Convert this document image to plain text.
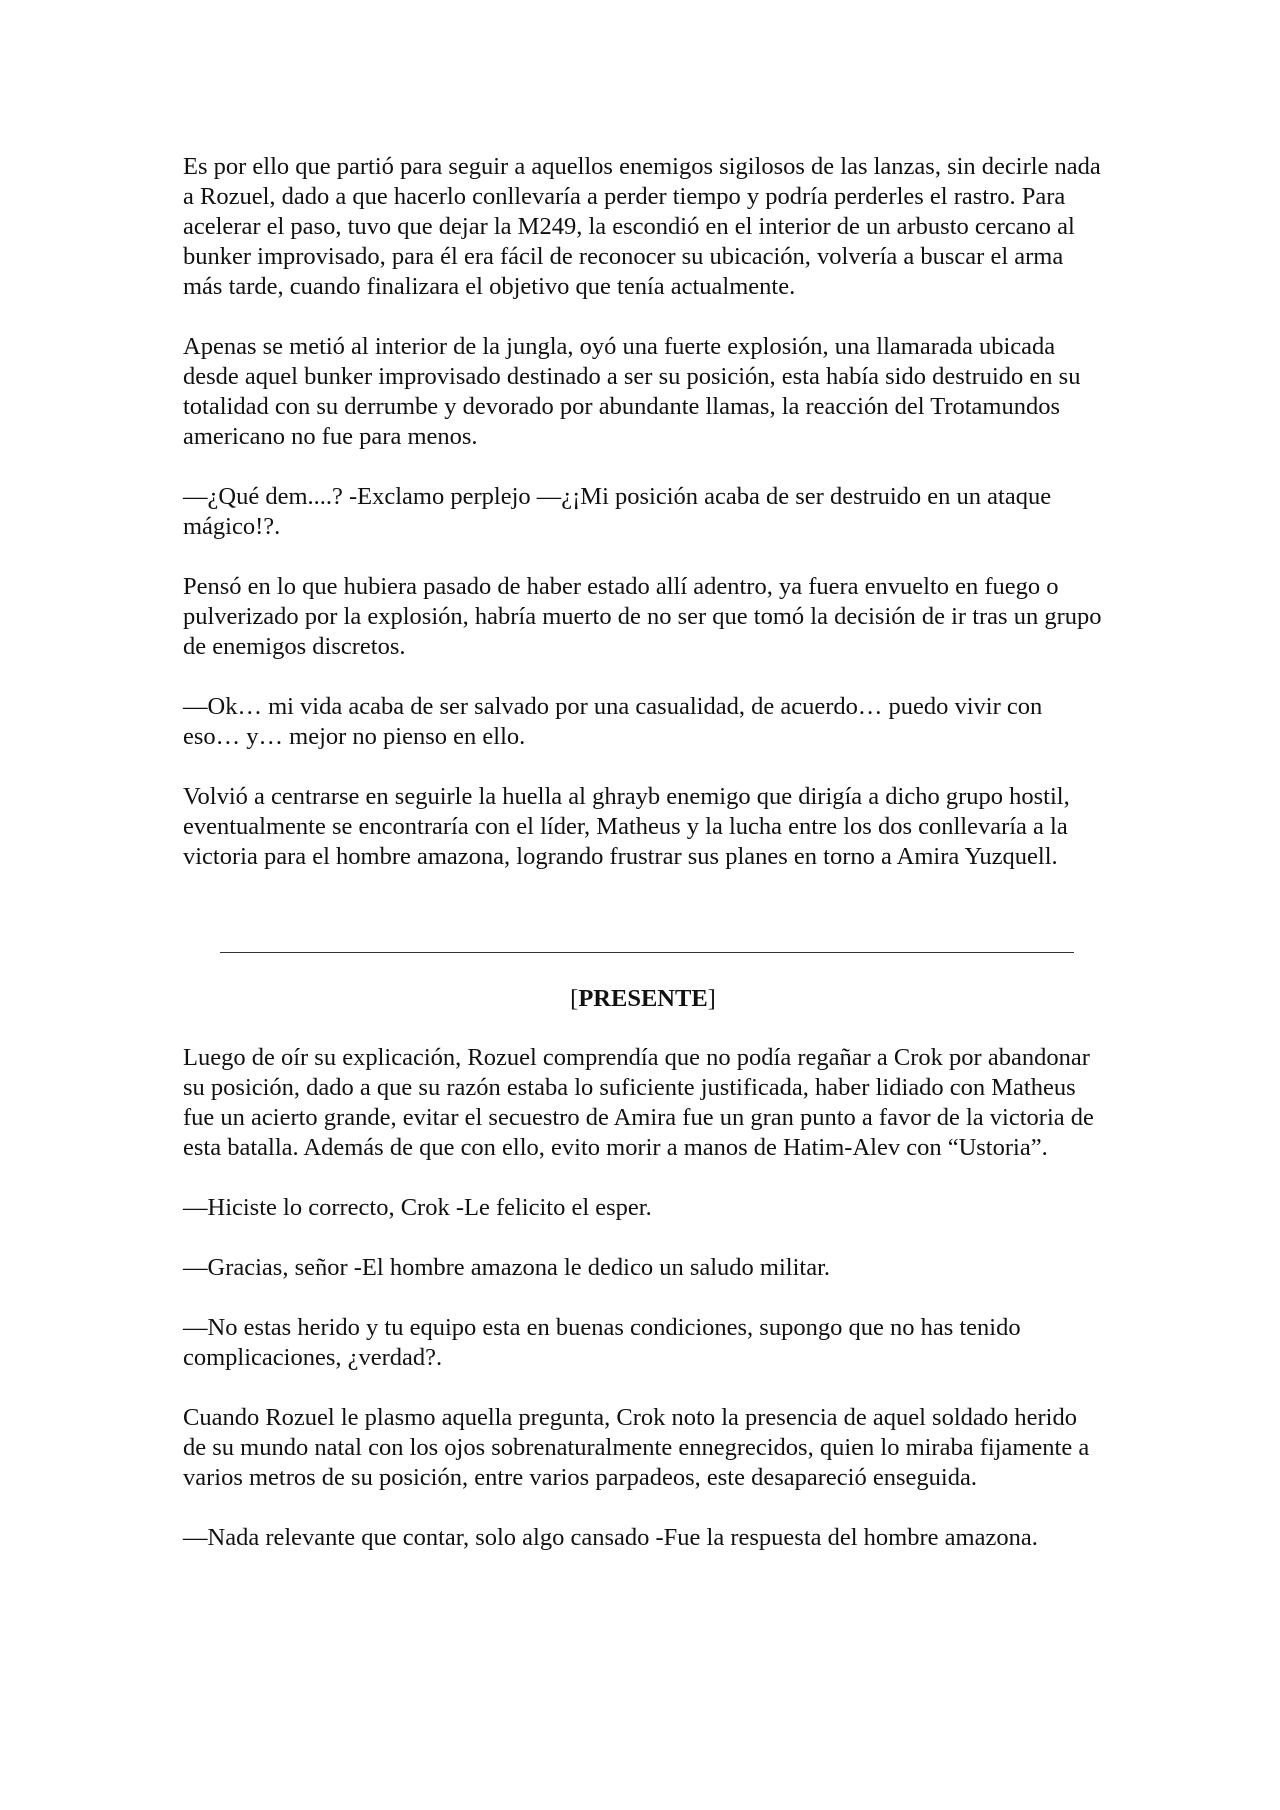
Es por ello que partió para seguir a aquellos enemigos sigilosos de las lanzas, sin decirle nada a Rozuel, dado a que hacerlo conllevaría a perder tiempo y podría perderles el rastro. Para acelerar el paso, tuvo que dejar la M249, la escondió en el interior de un arbusto cercano al bunker improvisado, para él era fácil de reconocer su ubicación, volvería a buscar el arma más tarde, cuando finalizara el objetivo que tenía actualmente.

Apenas se metió al interior de la jungla, oyó una fuerte explosión, una llamarada ubicada desde aquel bunker improvisado destinado a ser su posición, esta había sido destruido en su totalidad con su derrumbe y devorado por abundante llamas, la reacción del Trotamundos americano no fue para menos.

—¿Qué dem....? -Exclamo perplejo —¿¡Mi posición acaba de ser destruido en un ataque mágico!?.

Pensó en lo que hubiera pasado de haber estado allí adentro, ya fuera envuelto en fuego o pulverizado por la explosión, habría muerto de no ser que tomó la decisión de ir tras un grupo de enemigos discretos.

—Ok… mi vida acaba de ser salvado por una casualidad, de acuerdo… puedo vivir con eso… y… mejor no pienso en ello.

Volvió a centrarse en seguirle la huella al ghrayb enemigo que dirigía a dicho grupo hostil, eventualmente se encontraría con el líder, Matheus y la lucha entre los dos conllevaría a la victoria para el hombre amazona, logrando frustrar sus planes en torno a Amira Yuzquell.

[PRESENTE]

Luego de oír su explicación, Rozuel comprendía que no podía regañar a Crok por abandonar su posición, dado a que su razón estaba lo suficiente justificada, haber lidiado con Matheus fue un acierto grande, evitar el secuestro de Amira fue un gran punto a favor de la victoria de esta batalla. Además de que con ello, evito morir a manos de Hatim-Alev con “Ustoria”.

—Hiciste lo correcto, Crok -Le felicito el esper.

—Gracias, señor -El hombre amazona le dedico un saludo militar.

—No estas herido y tu equipo esta en buenas condiciones, supongo que no has tenido complicaciones, ¿verdad?.

Cuando Rozuel le plasmo aquella pregunta, Crok noto la presencia de aquel soldado herido de su mundo natal con los ojos sobrenaturalmente ennegrecidos, quien lo miraba fijamente a varios metros de su posición, entre varios parpadeos, este desapareció enseguida.

—Nada relevante que contar, solo algo cansado -Fue la respuesta del hombre amazona.
